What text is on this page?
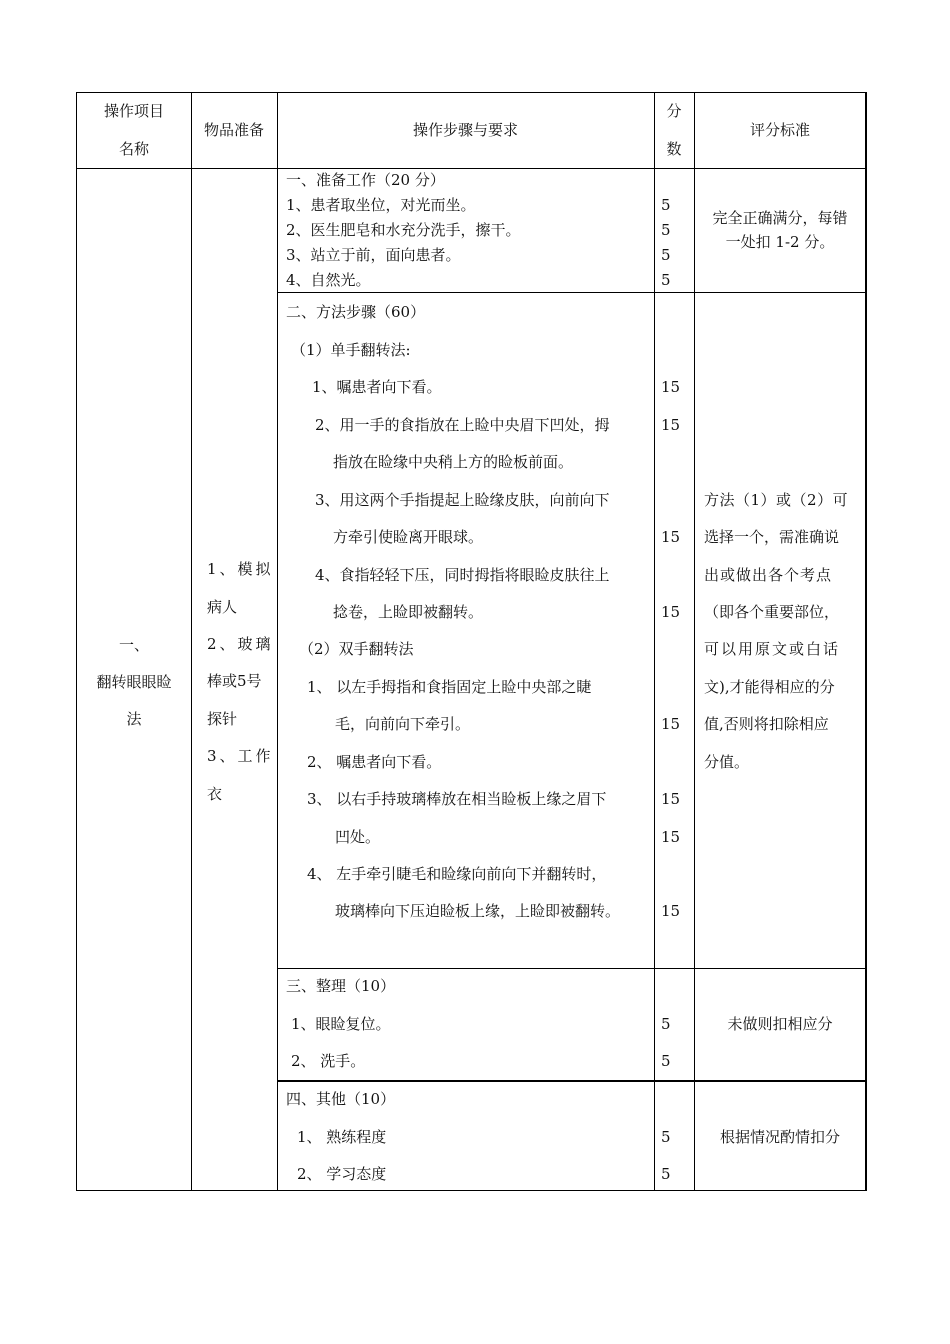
操作项目
名称
物品准备	操作步骤与要求
分
数
评分标准
一、
翻转眼眼睑
法
1、模拟
病人
2、玻璃
棒或5号
探针
3、工作
衣
一、准备工作（20 分）
1、患者取坐位，对光而坐。
2、医生肥皂和水充分洗手，擦干。
3、站立于前，面向患者。
4、自然光。
5
5
5
5
完全正确满分，每错
一处扣 1-2 分。
二、方法步骤（60）
（1）单手翻转法:
1、嘱患者向下看。
2、用一手的食指放在上睑中央眉下凹处，拇
指放在睑缘中央稍上方的睑板前面。
3、用这两个手指提起上睑缘皮肤，向前向下
方牵引使睑离开眼球。
4、食指轻轻下压，同时拇指将眼睑皮肤往上
捻卷，上睑即被翻转。
（2）双手翻转法
1、 以左手拇指和食指固定上睑中央部之睫
毛，向前向下牵引。
2、 嘱患者向下看。
3、 以右手持玻璃棒放在相当睑板上缘之眉下
凹处。
4、 左手牵引睫毛和睑缘向前向下并翻转时，
玻璃棒向下压迫睑板上缘，上睑即被翻转。
15
15
15
15
15
15
15
15
方法（1）或（2）可
选择一个，需准确说
出或做出各个考点
（即各个重要部位，
可以用原文或白话
文),才能得相应的分
值,否则将扣除相应
分值。
三、整理（10）
1、眼睑复位。
2、 洗手。
5
5
未做则扣相应分
四、其他（10）
1、 熟练程度
2、 学习态度
5
5
根据情况酌情扣分
